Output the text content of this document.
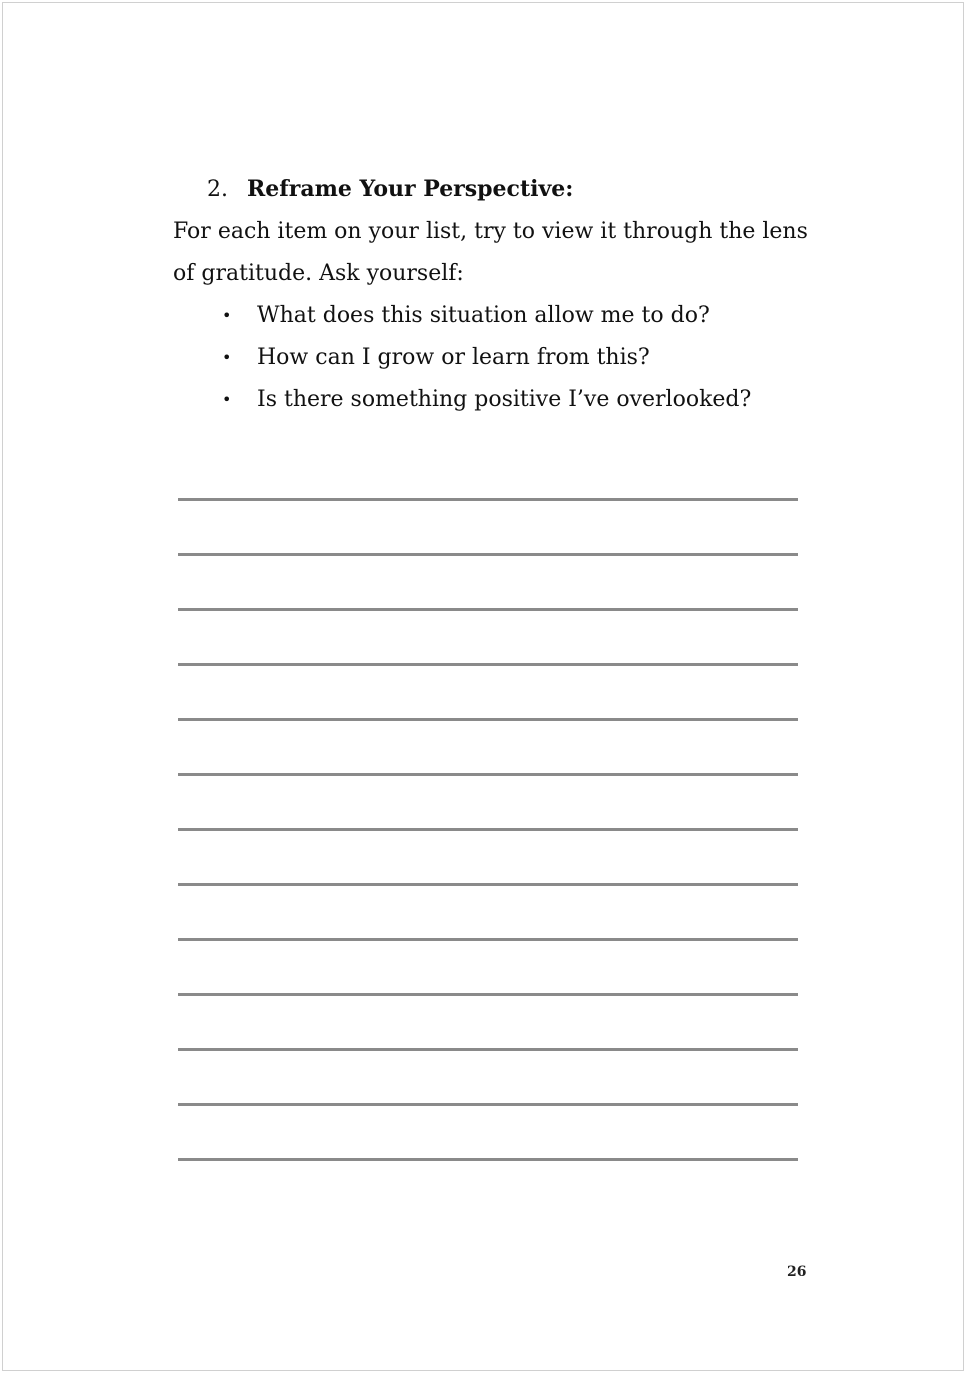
2. Reframe Your Perspective:
For each item on your list, try to view it through the lens of gratitude. Ask yourself:
• What does this situation allow me to do?
• How can I grow or learn from this?
• Is there something positive I’ve overlooked?
26
